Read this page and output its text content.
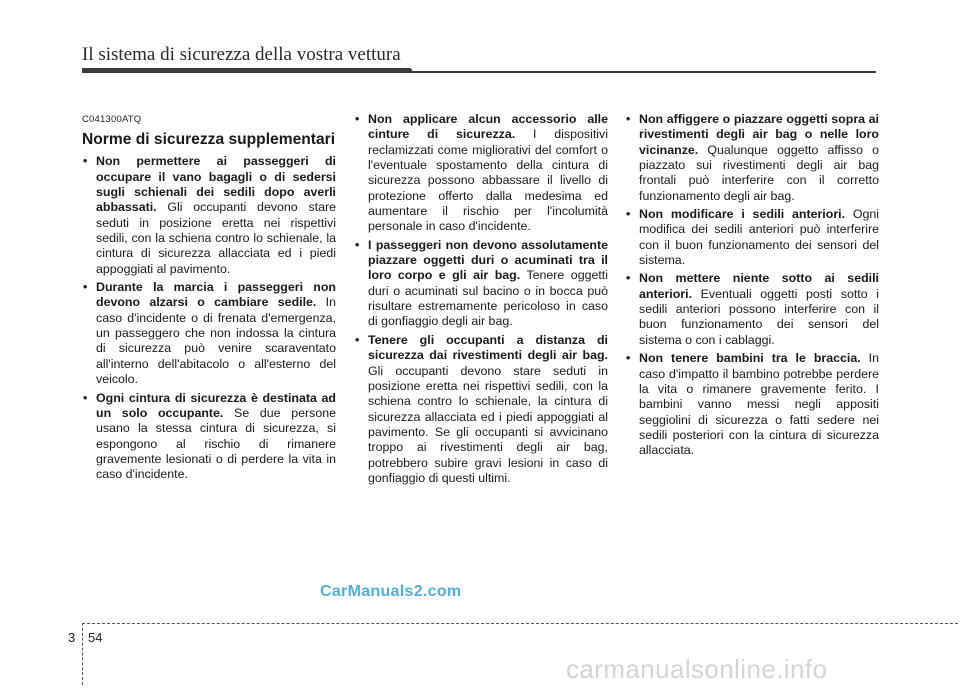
Il sistema di sicurezza della vostra vettura
C041300ATQ
Norme di sicurezza supplementari
• Non permettere ai passeggeri di occupare il vano bagagli o di sedersi sugli schienali dei sedili dopo averli abbassati. Gli occupanti devono stare seduti in posizione eretta nei rispettivi sedili, con la schiena contro lo schienale, la cintura di sicurezza allacciata ed i piedi appoggiati al pavimento.
• Durante la marcia i passeggeri non devono alzarsi o cambiare sedile. In caso d'incidente o di frenata d'emergenza, un passeggero che non indossa la cintura di sicurezza può venire scaraventato all'interno dell'abitacolo o all'esterno del veicolo.
• Ogni cintura di sicurezza è destinata ad un solo occupante. Se due persone usano la stessa cintura di sicurezza, si espongono al rischio di rimanere gravemente lesionati o di perdere la vita in caso d'incidente.
• Non applicare alcun accessorio alle cinture di sicurezza. I dispositivi reclamizzati come migliorativi del comfort o l'eventuale spostamento della cintura di sicurezza possono abbassare il livello di protezione offerto dalla medesima ed aumentare il rischio per l'incolumità personale in caso d'incidente.
• I passeggeri non devono assolutamente piazzare oggetti duri o acuminati tra il loro corpo e gli air bag. Tenere oggetti duri o acuminati sul bacino o in bocca può risultare estremamente pericoloso in caso di gonfiaggio degli air bag.
• Tenere gli occupanti a distanza di sicurezza dai rivestimenti degli air bag. Gli occupanti devono stare seduti in posizione eretta nei rispettivi sedili, con la schiena contro lo schienale, la cintura di sicurezza allacciata ed i piedi appoggiati al pavimento. Se gli occupanti si avvicinano troppo ai rivestimenti degli air bag, potrebbero subire gravi lesioni in caso di gonfiaggio di questi ultimi.
• Non affiggere o piazzare oggetti sopra ai rivestimenti degli air bag o nelle loro vicinanze. Qualunque oggetto affisso o piazzato sui rivestimenti degli air bag frontali può interferire con il corretto funzionamento degli air bag.
• Non modificare i sedili anteriori. Ogni modifica dei sedili anteriori può interferire con il buon funzionamento dei sensori del sistema.
• Non mettere niente sotto ai sedili anteriori. Eventuali oggetti posti sotto i sedili anteriori possono interferire con il buon funzionamento dei sensori del sistema o con i cablaggi.
• Non tenere bambini tra le braccia. In caso d'impatto il bambino potrebbe perdere la vita o rimanere gravemente ferito. I bambini vanno messi negli appositi seggiolini di sicurezza o fatti sedere nei sedili posteriori con la cintura di sicurezza allacciata.
CarManuals2.com
3 54
carmanualsonline.info
